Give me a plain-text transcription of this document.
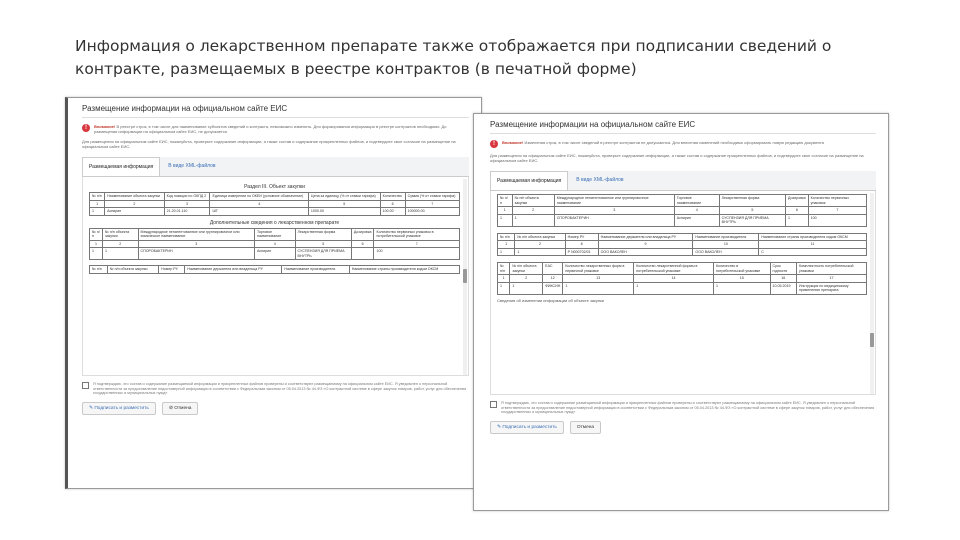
Информация о лекарственном препарате также отображается при подписании сведений о контракте, размещаемых в реестре контрактов (в печатной форме)
Размещение информации на официальном сайте ЕИС
!	Внимание! В реестре строк, в том числе для наименование субъектов сведений и контракта, невозможно изменить. Для формирования информации в реестре контрактов необходимо. До размещения информации на официальном сайте ЕИС, не допускается
Для размещения на официальном сайте ЕИС, пожалуйста, проверьте содержание информации, а также состав и содержание прикрепленных файлов, и подтвердите свое согласие на размещение на официальном сайте ЕИС.
Размещаемая информация	В виде XML-файлов
Раздел III. Объект закупки
№ п/п	Наименование объекта закупки	Код позиции по ОКПД 2	Единица измерения по ОКЕИ (условное обозначение)	Цена за единицу (% от ставки тарифа)	Количество	Сумма (% от ставки тарифа)
1	2	3	4	5	6	7
1	Аспирин	21.20.01.110	ШТ	1000.00	100.00	100000.00
Дополнительные сведения о лекарственном препарате
№ п/п	№ п/п объекта закупки	Международное непатентованное или группировочное или химическое наименование	Торговое наименование	Лекарственная форма	Дозировка	Количество первичных упаковок в потребительской упаковке
1	2	3	4	5	6	7
1	1	СПОРОБАКТЕРИН	Аспирин	СУСПЕНЗИЯ ДЛЯ ПРИЕМА ВНУТРЬ		100
№ п/п	№ п/п объекта закупки	Номер РУ	Наименование держателя или владельца РУ	Наименование производителя	Наименование страны производителя кодом ОКСМ
Я подтверждаю, что состав и содержание размещаемой информации и прикрепленных файлов проверены и соответствуют размещаемому на официальном сайте ЕИС. Я уведомлен о персональной ответственности за предоставление недостоверной информации в соответствии с Федеральным законом от 05.04.2013 № 44-ФЗ «О контрактной системе в сфере закупок товаров, работ, услуг для обеспечения государственных и муниципальных нужд»
✎ Подписать и разместить	⊘ Отмена
Размещение информации на официальном сайте ЕИС
!	Внимание! Изменения строк, в том числе сведений в реестре контрактов не допускаются. Для внесения изменений необходимо сформировать новую редакцию документа
Для размещения на официальном сайте ЕИС, пожалуйста, проверьте содержание информации, а также состав и содержание прикрепленных файлов, и подтвердите свое согласие на размещение на официальном сайте ЕИС.
Размещаемая информация	В виде XML-файлов
№ п/п	№ п/п объекта закупки	Международное непатентованное или группировочное наименование	Торговое наименование	Лекарственная форма	Дозировка	Количество первичных упаковок
1	2	3	4	5	6	7
1	1	СПОРОБАКТЕРИН	Аспирин	СУСПЕНЗИЯ ДЛЯ ПРИЕМА ВНУТРЬ	1	100
№ п/п	№ п/п объекта закупки	Номер РУ	Наименование держателя или владельца РУ	Наименование производителя	Наименование страны производителя кодом ОКСМ
1	2	8	9	10	11
1	1	Р N000702/01	ООО ВАКОЛЕН	ООО ВАКОЛЕН	С
№ п/п	№ п/п объекта закупки	ЕАС	Количество лекарственных форм в первичной упаковке	Количество лекарственной формы в потребительской упаковке	Количество в потребительской упаковке	Срок годности	Комплектность потребительской упаковки
1	2	12	13	14	15	16	17
1	1	ФИКСИН	1	1	1	10.05.2019	Инструкция по медицинскому применению препарата
Сведения об изменении информации об объекте закупки
Я подтверждаю, что состав и содержание размещаемой информации и прикрепленных файлов проверены и соответствуют размещаемому на официальном сайте ЕИС. Я уведомлен о персональной ответственности за предоставление недостоверной информации в соответствии с Федеральным законом от 05.04.2013 № 44-ФЗ «О контрактной системе в сфере закупок товаров, работ, услуг для обеспечения государственных и муниципальных нужд»
✎ Подписать и разместить	Отмена
